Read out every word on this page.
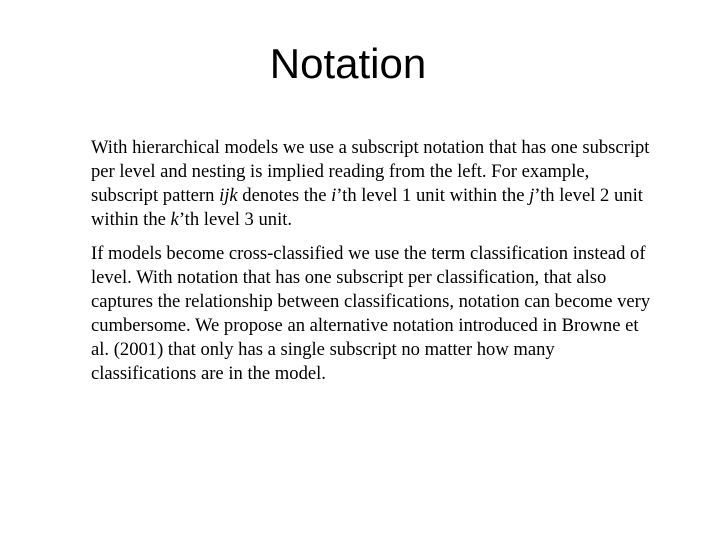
Notation

With hierarchical models we use a subscript notation that has one subscript per level and nesting is implied reading from the left. For example, subscript pattern ijk denotes the i’th level 1 unit within the j’th level 2 unit within the k’th level 3 unit.

If models become cross-classified we use the term classification instead of level. With notation that has one subscript per classification, that also captures the relationship between classifications, notation can become very cumbersome. We propose an alternative notation introduced in Browne et al. (2001) that only has a single subscript no matter how many classifications are in the model.
